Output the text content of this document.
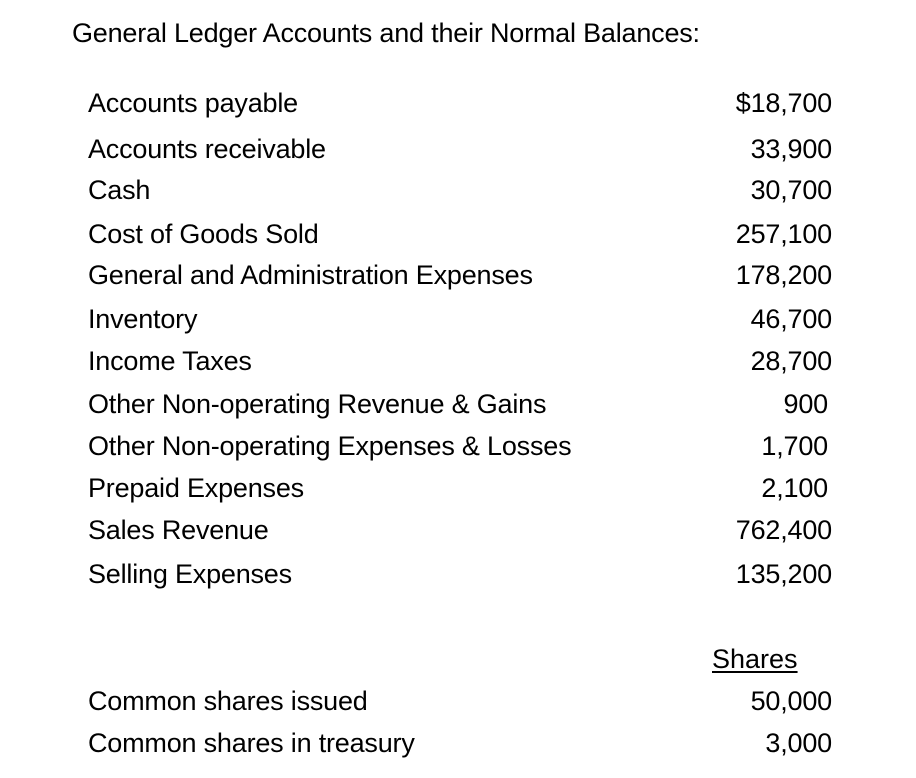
General Ledger Accounts and their Normal Balances:
Accounts payable	$18,700
Accounts receivable	33,900
Cash	30,700
Cost of Goods Sold	257,100
General and Administration Expenses	178,200
Inventory	46,700
Income Taxes	28,700
Other Non-operating Revenue & Gains	900
Other Non-operating Expenses & Losses	1,700
Prepaid Expenses	2,100
Sales Revenue	762,400
Selling Expenses	135,200
Shares
Common shares issued	50,000
Common shares in treasury	3,000
